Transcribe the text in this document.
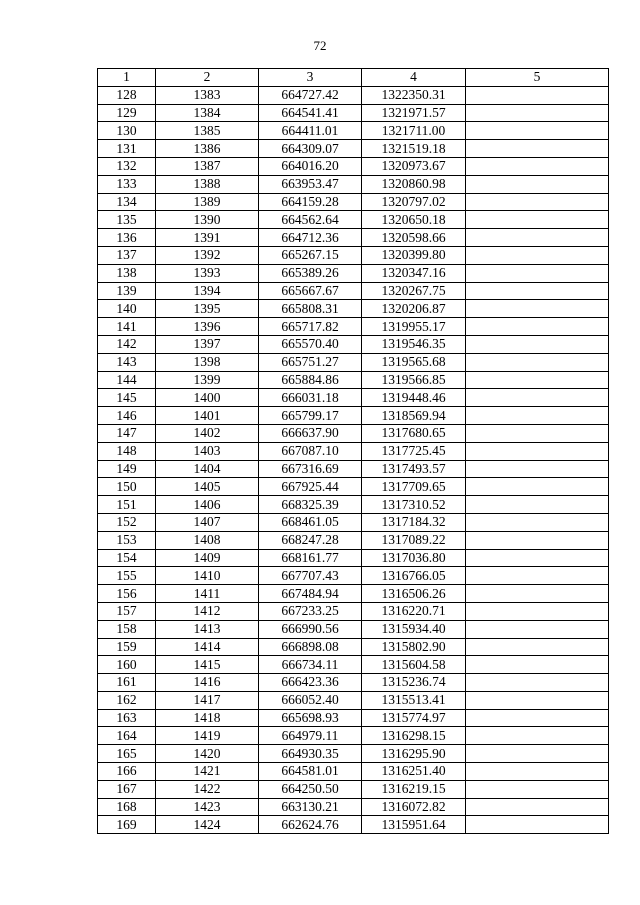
72
1	2	3	4	5
128	1383	664727.42	1322350.31	
129	1384	664541.41	1321971.57	
130	1385	664411.01	1321711.00	
131	1386	664309.07	1321519.18	
132	1387	664016.20	1320973.67	
133	1388	663953.47	1320860.98	
134	1389	664159.28	1320797.02	
135	1390	664562.64	1320650.18	
136	1391	664712.36	1320598.66	
137	1392	665267.15	1320399.80	
138	1393	665389.26	1320347.16	
139	1394	665667.67	1320267.75	
140	1395	665808.31	1320206.87	
141	1396	665717.82	1319955.17	
142	1397	665570.40	1319546.35	
143	1398	665751.27	1319565.68	
144	1399	665884.86	1319566.85	
145	1400	666031.18	1319448.46	
146	1401	665799.17	1318569.94	
147	1402	666637.90	1317680.65	
148	1403	667087.10	1317725.45	
149	1404	667316.69	1317493.57	
150	1405	667925.44	1317709.65	
151	1406	668325.39	1317310.52	
152	1407	668461.05	1317184.32	
153	1408	668247.28	1317089.22	
154	1409	668161.77	1317036.80	
155	1410	667707.43	1316766.05	
156	1411	667484.94	1316506.26	
157	1412	667233.25	1316220.71	
158	1413	666990.56	1315934.40	
159	1414	666898.08	1315802.90	
160	1415	666734.11	1315604.58	
161	1416	666423.36	1315236.74	
162	1417	666052.40	1315513.41	
163	1418	665698.93	1315774.97	
164	1419	664979.11	1316298.15	
165	1420	664930.35	1316295.90	
166	1421	664581.01	1316251.40	
167	1422	664250.50	1316219.15	
168	1423	663130.21	1316072.82	
169	1424	662624.76	1315951.64	
